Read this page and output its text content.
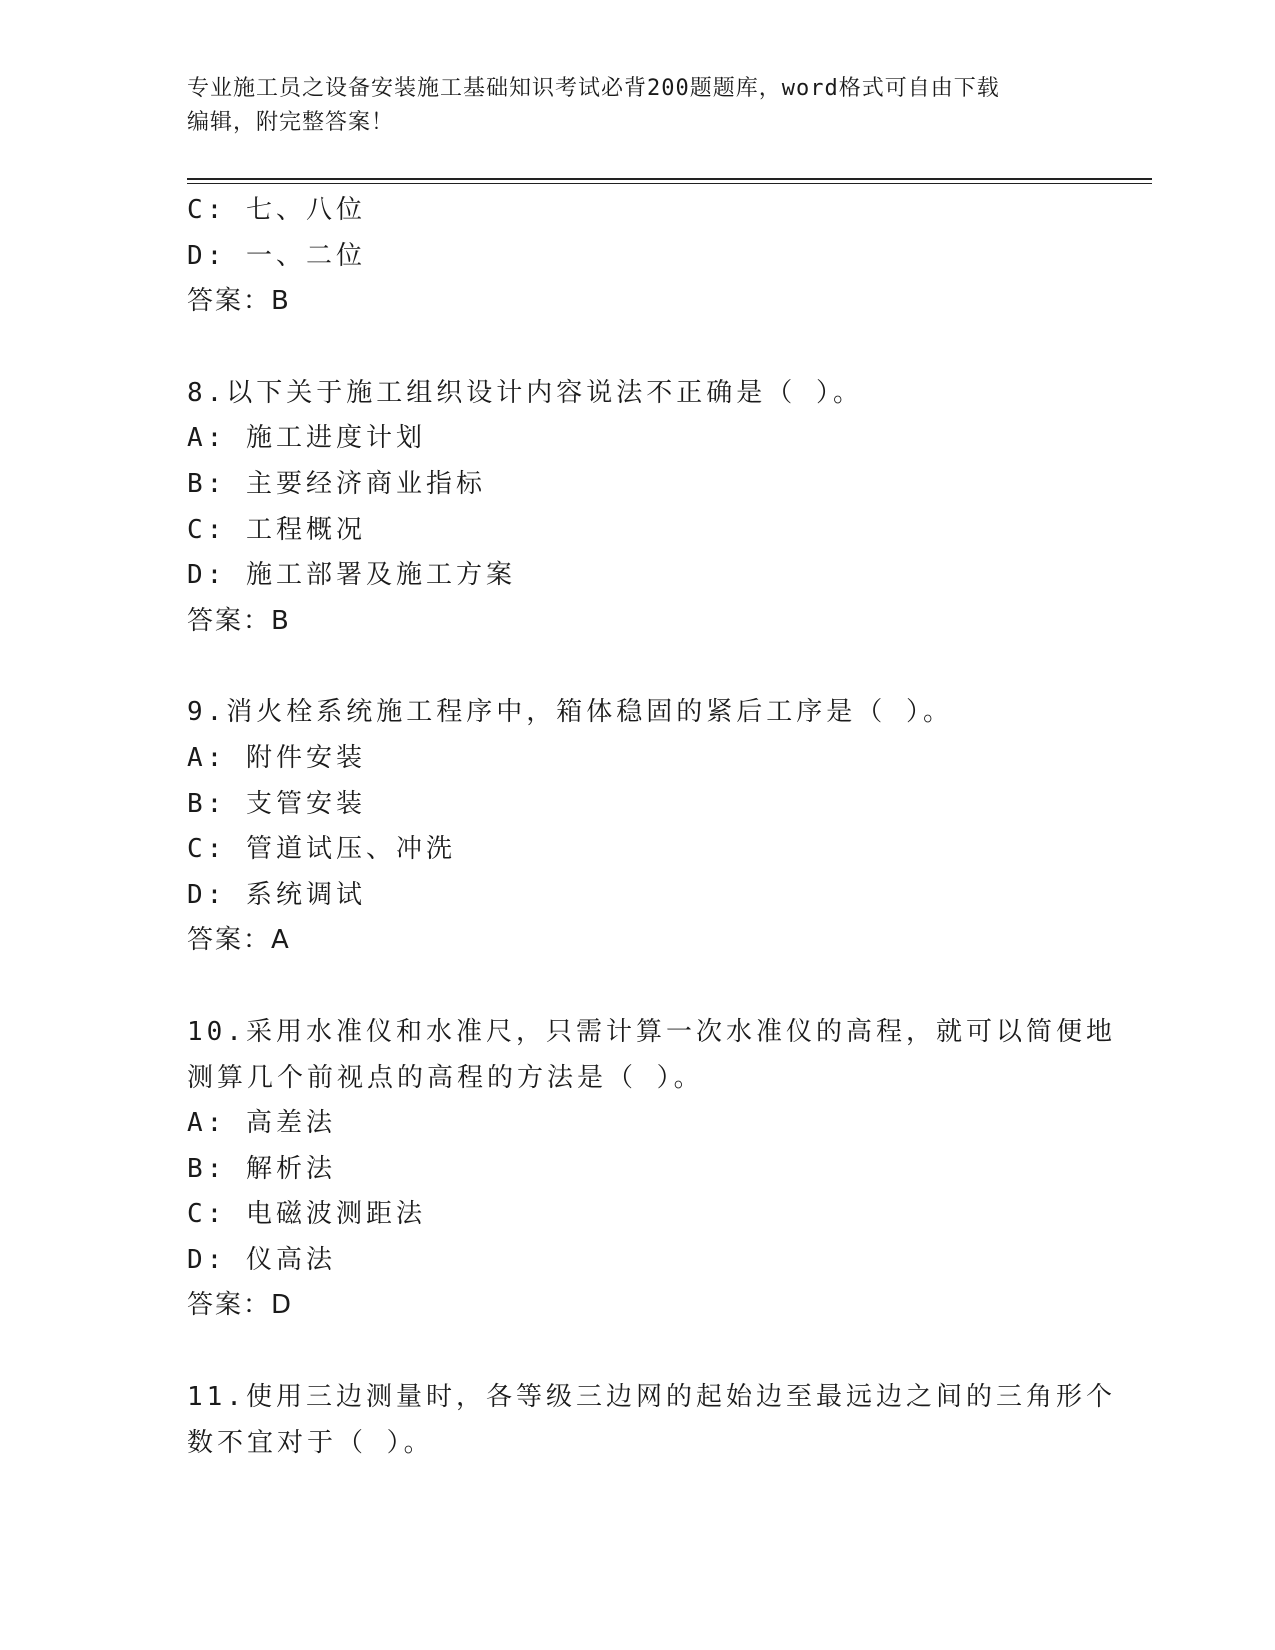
专业施工员之设备安装施工基础知识考试必背200题题库，word格式可自由下载
编辑，附完整答案！
C: 七、八位
D: 一、二位
答案：B
8.以下关于施工组织设计内容说法不正确是（ ）。
A: 施工进度计划
B: 主要经济商业指标
C: 工程概况
D: 施工部署及施工方案
答案：B
9.消火栓系统施工程序中，箱体稳固的紧后工序是（ ）。
A: 附件安装
B: 支管安装
C: 管道试压、冲洗
D: 系统调试
答案：A
10.采用水准仪和水准尺，只需计算一次水准仪的高程，就可以简便地
测算几个前视点的高程的方法是（ ）。
A: 高差法
B: 解析法
C: 电磁波测距法
D: 仪高法
答案：D
11.使用三边测量时，各等级三边网的起始边至最远边之间的三角形个
数不宜对于（ ）。
